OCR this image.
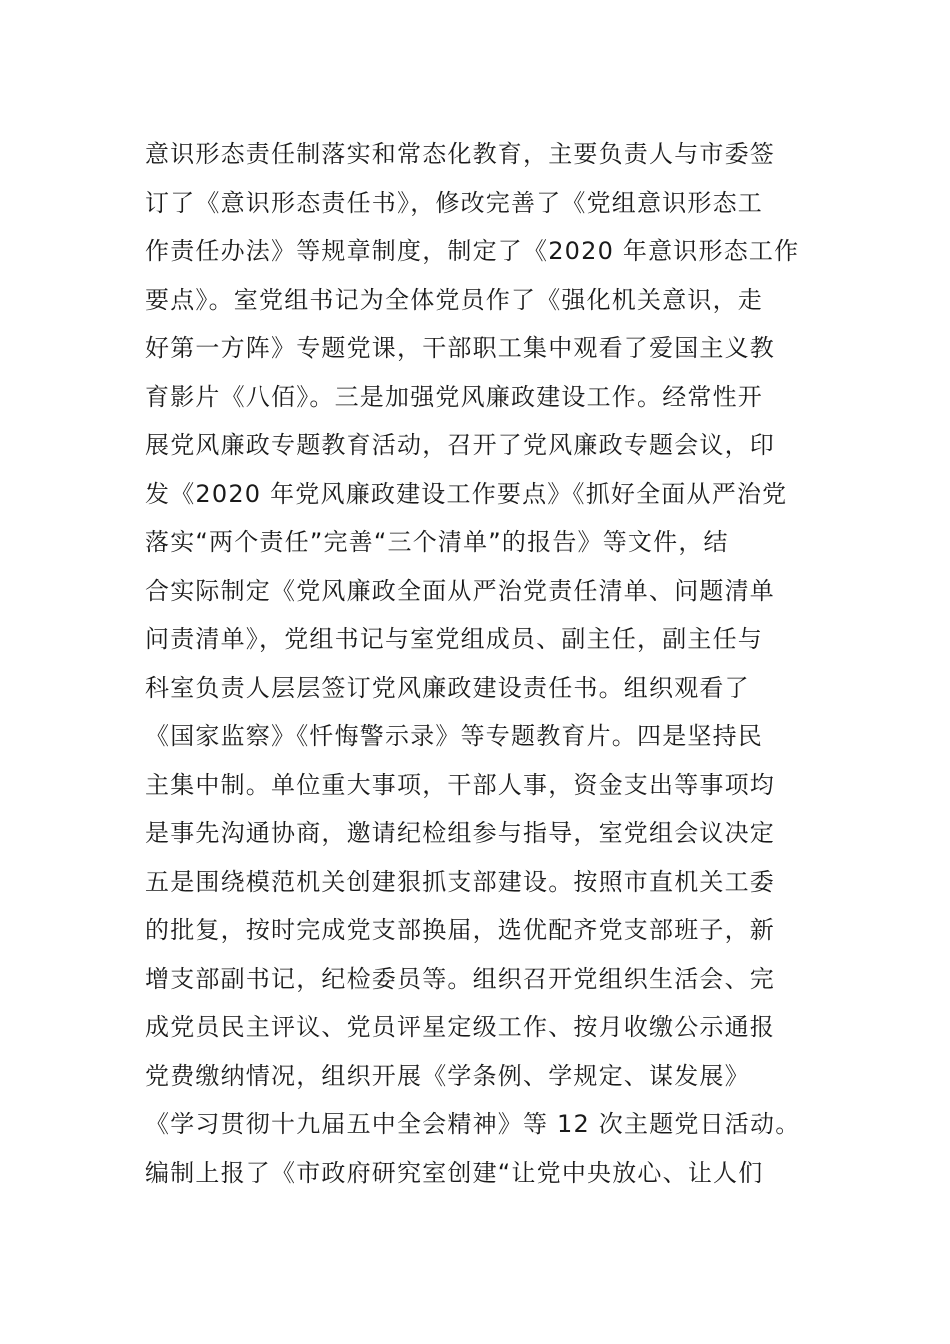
意识形态责任制落实和常态化教育，主要负责人与市委签
订了《意识形态责任书》，修改完善了《党组意识形态工
作责任办法》等规章制度，制定了《2020 年意识形态工作
要点》。室党组书记为全体党员作了《强化机关意识，走
好第一方阵》专题党课，干部职工集中观看了爱国主义教
育影片《八佰》。三是加强党风廉政建设工作。经常性开
展党风廉政专题教育活动，召开了党风廉政专题会议，印
发《2020 年党风廉政建设工作要点》《抓好全面从严治党
落实“两个责任”完善“三个清单”的报告》等文件，结
合实际制定《党风廉政全面从严治党责任清单、问题清单
问责清单》，党组书记与室党组成员、副主任，副主任与
科室负责人层层签订党风廉政建设责任书。组织观看了
《国家监察》《忏悔警示录》等专题教育片。四是坚持民
主集中制。单位重大事项，干部人事，资金支出等事项均
是事先沟通协商，邀请纪检组参与指导，室党组会议决定
五是围绕模范机关创建狠抓支部建设。按照市直机关工委
的批复，按时完成党支部换届，选优配齐党支部班子，新
增支部副书记，纪检委员等。组织召开党组织生活会、完
成党员民主评议、党员评星定级工作、按月收缴公示通报
党费缴纳情况，组织开展《学条例、学规定、谋发展》
《学习贯彻十九届五中全会精神》等 12 次主题党日活动。
编制上报了《市政府研究室创建“让党中央放心、让人们
